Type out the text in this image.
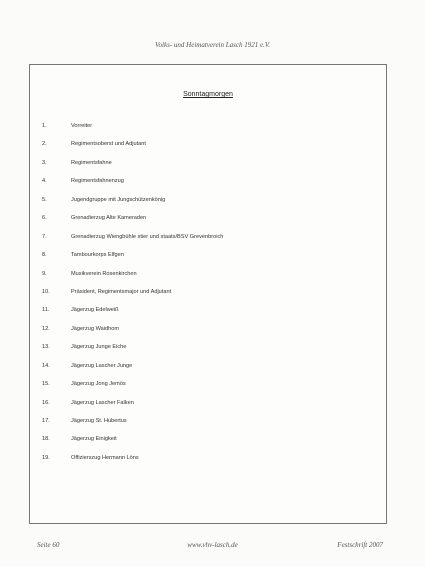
Volks- und Heimatverein Lasch 1921 e.V.
Sonntagmorgen
1.	Vorreiter
2.	Regimentsoberst und Adjutant
3.	Regimentsfahne
4.	Regimentsfahnenzug
5.	Jugendgruppe mit Jungschützenkönig
6.	Grenadierzug Alte Kameraden
7.	Grenadierzug Wiengbühle stier und staats/BSV Grevenbroich
8.	Tambourkorps Elfgen
9.	Musikverein Rosenkirchen
10.	Präsident, Regimentsmajor und Adjutant
11.	Jägerzug Edelweiß
12.	Jägerzug Waidhorn
13.	Jägerzug Junge Eiche
14.	Jägerzug Lascher Junge
15.	Jägerzug Jong Jemös
16.	Jägerzug Lascher Falken
17.	Jägerzug St. Hubertus
18.	Jägerzug Einigkeit
19.	Offizierszug Hermann Löns
Seite 60	www.vhv-lasch.de	Festschrift 2007
